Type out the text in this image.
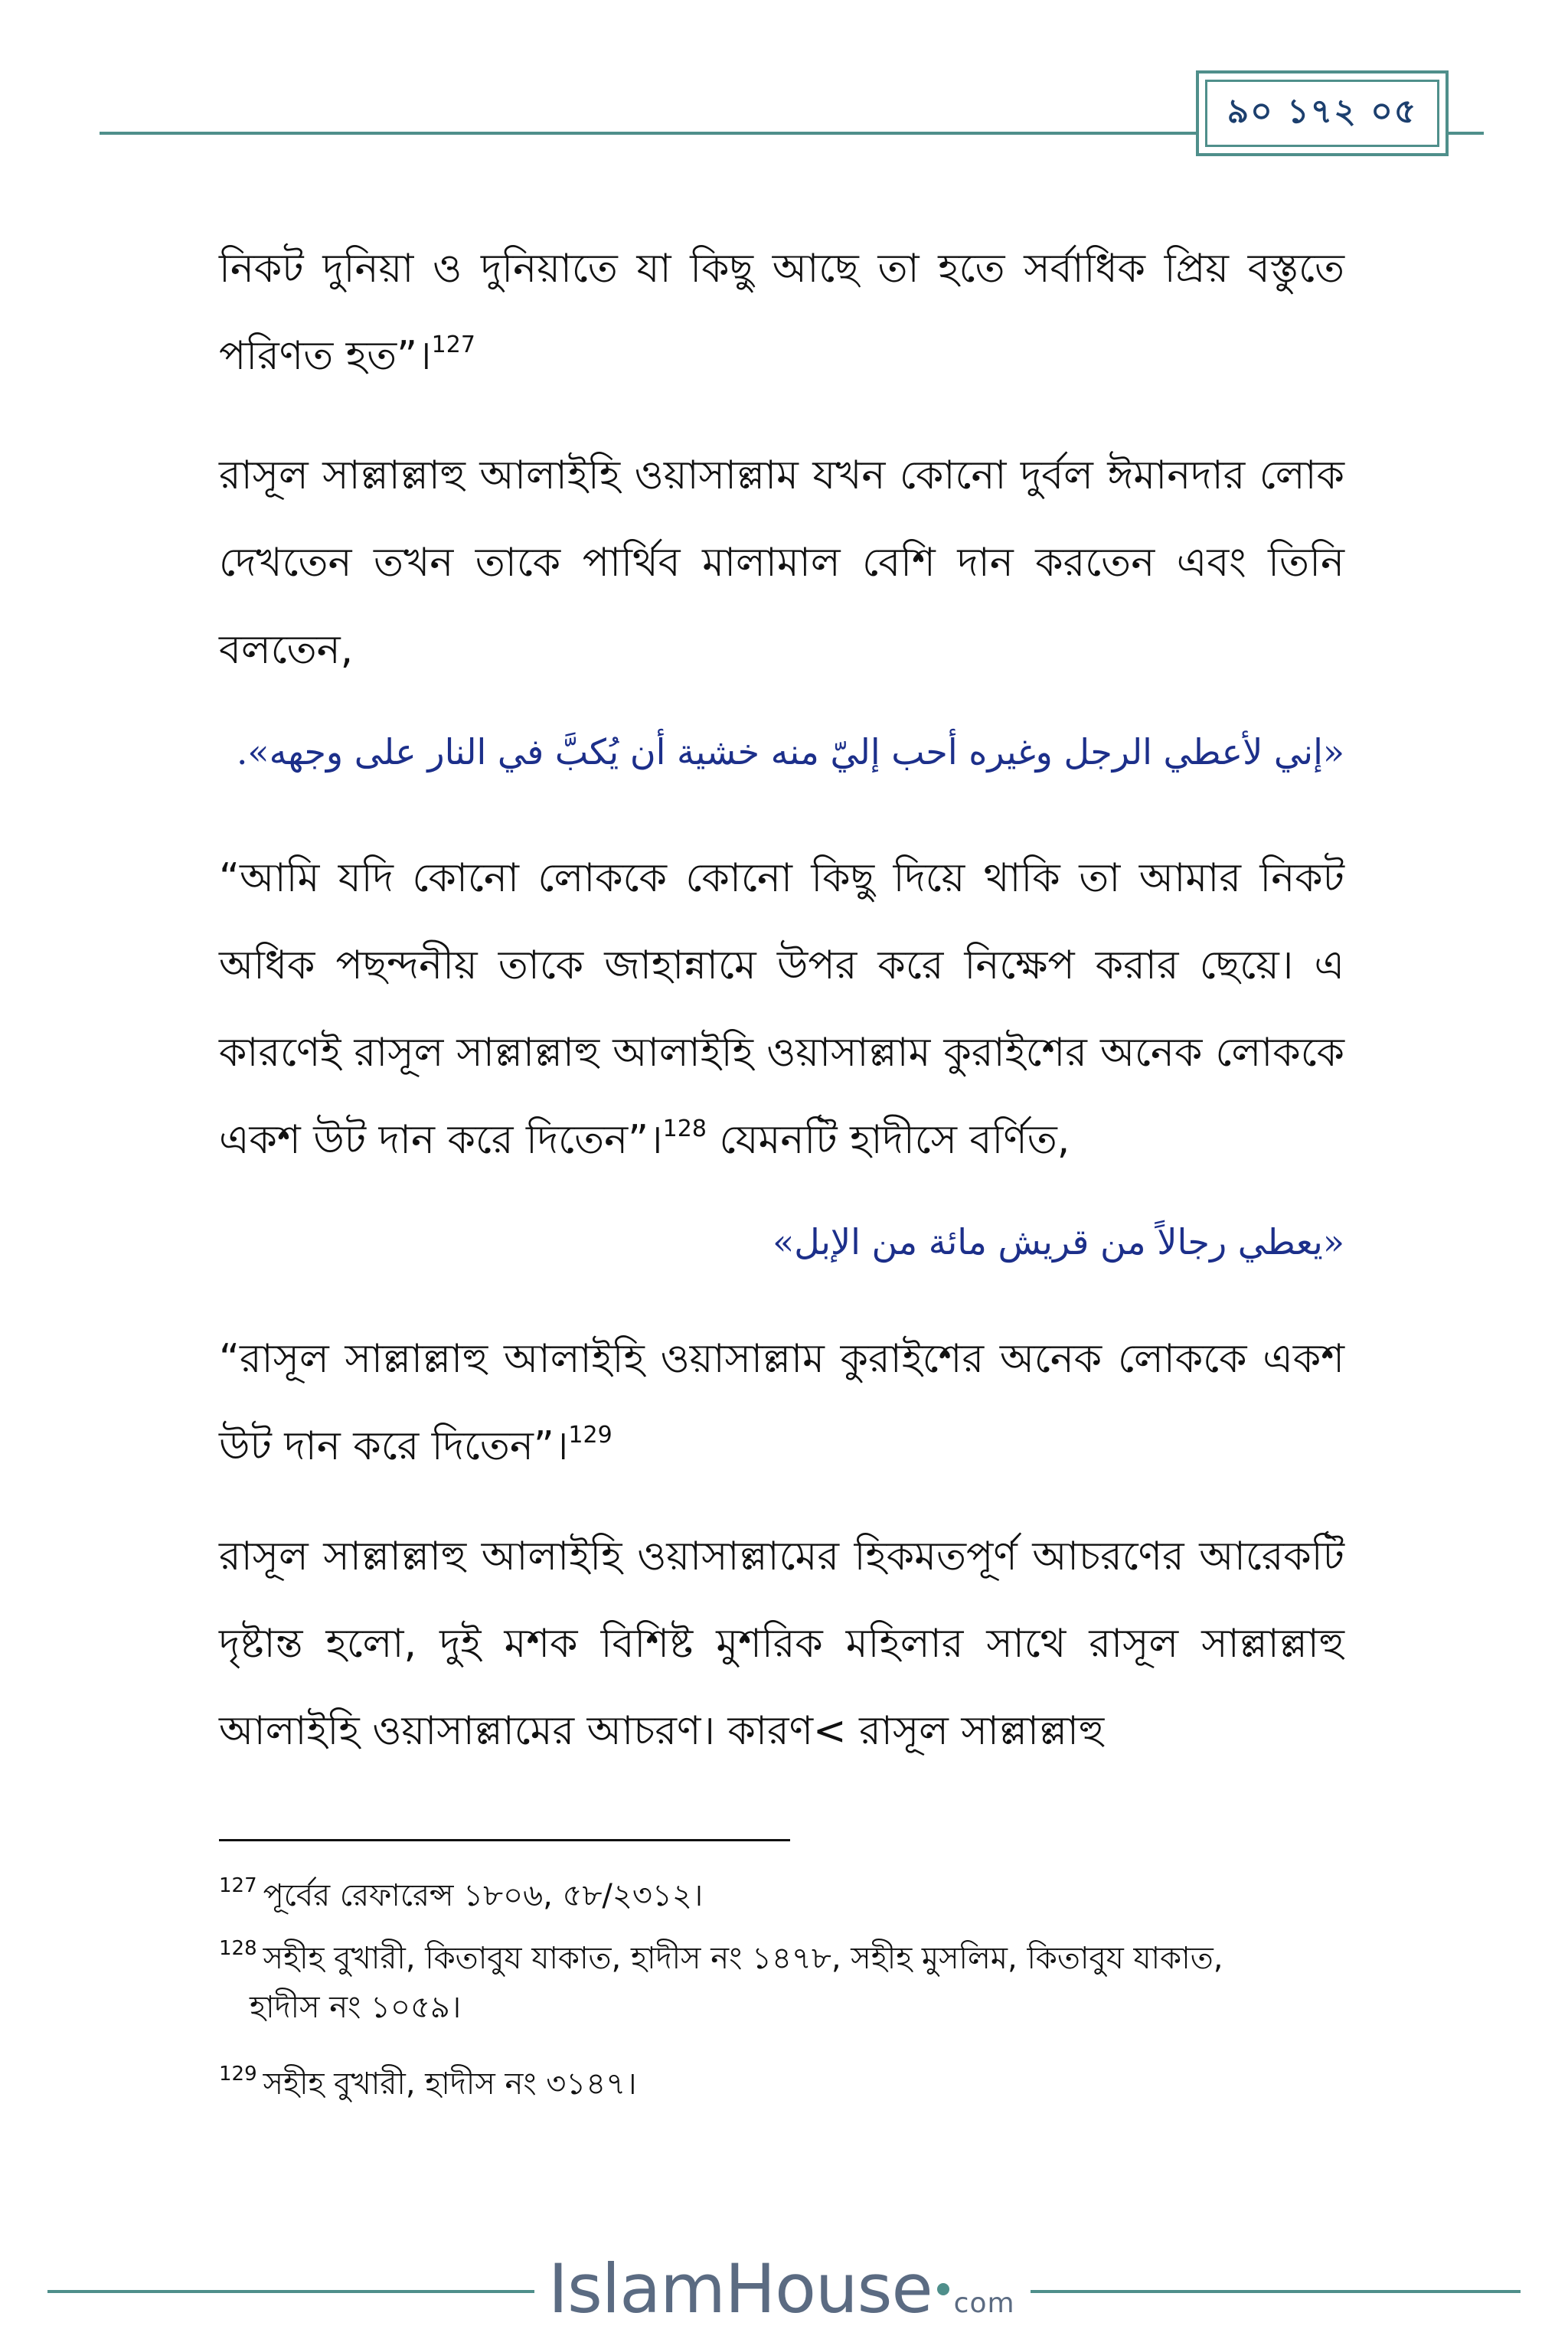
৯০ ১৭২ ০৫

নিকট দুনিয়া ও দুনিয়াতে যা কিছু আছে তা হতে সর্বাধিক প্রিয় বস্তুতে পরিণত হত”।$^{127}$

রাসূল সাল্লাল্লাহু আলাইহি ওয়াসাল্লাম যখন কোনো দুর্বল ঈমানদার লোক দেখতেন তখন তাকে পার্থিব মালামাল বেশি দান করতেন এবং তিনি বলতেন,

«إني لأعطي الرجل وغيره أحب إليّ منه خشية أن يُكبَّ في النار على وجهه».

“আমি যদি কোনো লোককে কোনো কিছু দিয়ে থাকি তা আমার নিকট অধিক পছন্দনীয় তাকে জাহান্নামে উপর করে নিক্ষেপ করার ছেয়ে। এ কারণেই রাসূল সাল্লাল্লাহু আলাইহি ওয়াসাল্লাম কুরাইশের অনেক লোককে একশ উট দান করে দিতেন”।$^{128}$ যেমনটি হাদীসে বর্ণিত,

«يعطي رجالاً من قريش مائة من الإبل»

“রাসূল সাল্লাল্লাহু আলাইহি ওয়াসাল্লাম কুরাইশের অনেক লোককে একশ উট দান করে দিতেন”।$^{129}$

রাসূল সাল্লাল্লাহু আলাইহি ওয়াসাল্লামের হিকমতপূর্ণ আচরণের আরেকটি দৃষ্টান্ত হলো, দুই মশক বিশিষ্ট মুশরিক মহিলার সাথে রাসূল সাল্লাল্লাহু আলাইহি ওয়াসাল্লামের আচরণ। কারণ< রাসূল সাল্লাল্লাহু

$^{127}$ পূর্বের রেফারেন্স ১৮০৬, ৫৮/২৩১২।

$^{128}$ সহীহ বুখারী, কিতাবুয যাকাত, হাদীস নং ১৪৭৮, সহীহ মুসলিম, কিতাবুয যাকাত,
হাদীস নং ১০৫৯।

$^{129}$ সহীহ বুখারী, হাদীস নং ৩১৪৭।

IslamHouse com
